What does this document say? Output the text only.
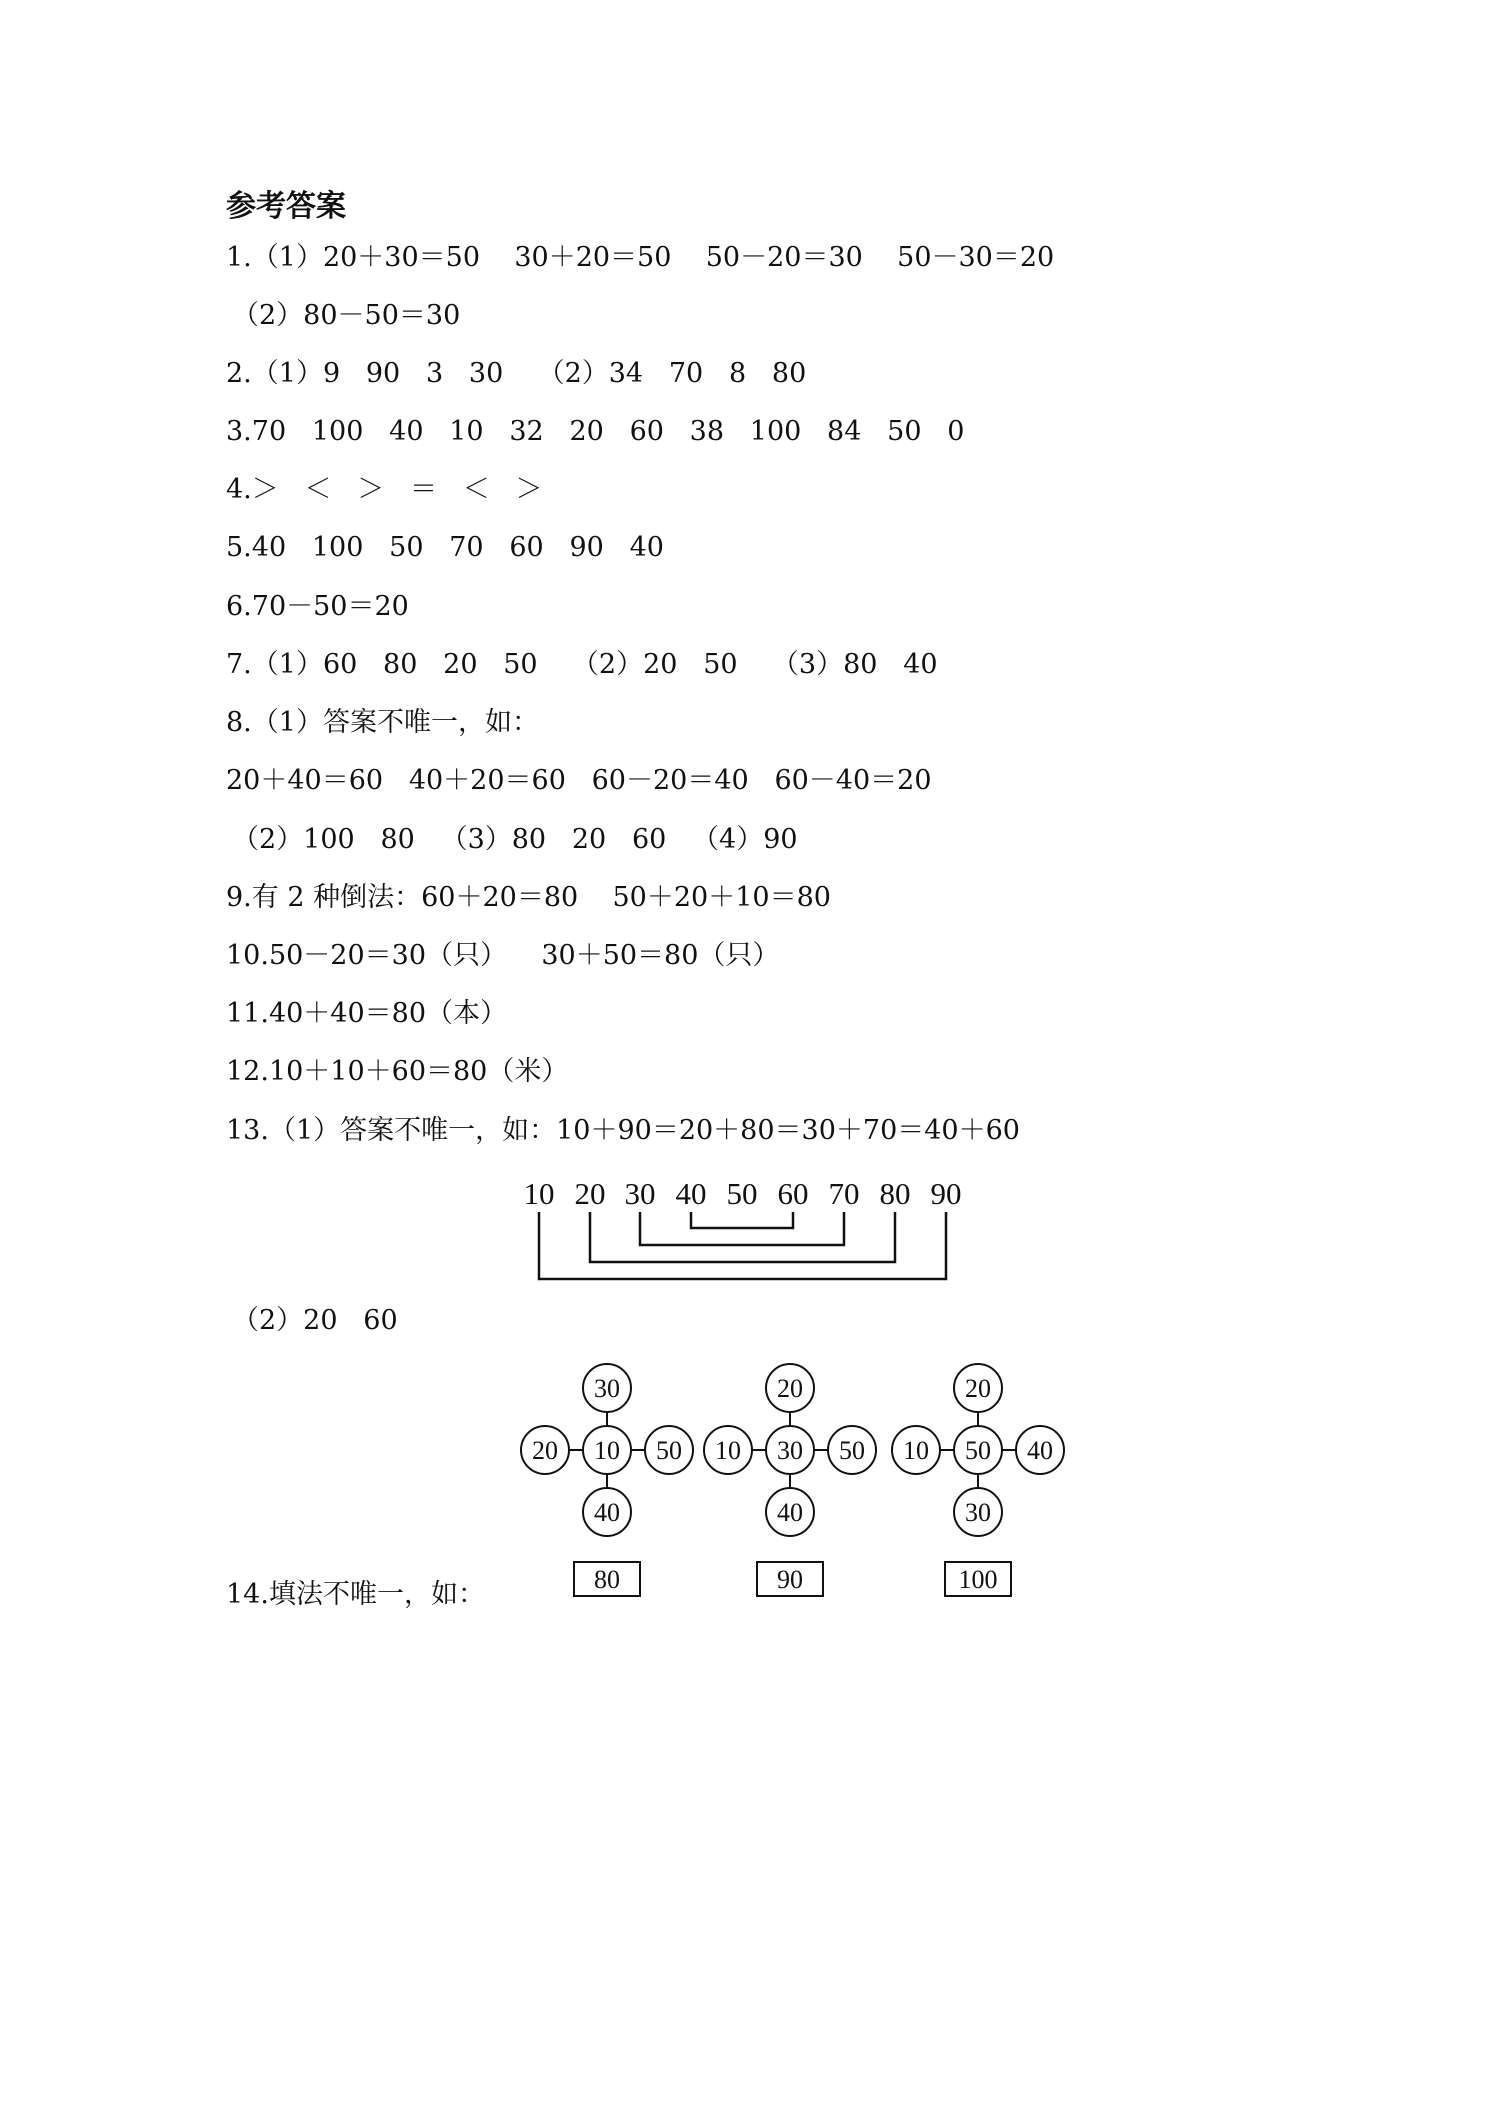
参考答案
1.（1）20＋30＝50    30＋20＝50    50－20＝30    50－30＝20
（2）80－50＝30
2.（1）9   90   3   30    （2）34   70   8   80
3.70   100   40   10   32   20   60   38   100   84   50   0
4.＞   ＜   ＞   ＝   ＜   ＞
5.40   100   50   70   60   90   40
6.70－50＝20
7.（1）60   80   20   50    （2）20   50    （3）80   40
8.（1）答案不唯一，如：
20＋40＝60   40＋20＝60   60－20＝40   60－40＝20
（2）100   80   （3）80   20   60   （4）90
9.有 2 种倒法：60＋20＝80    50＋20＋10＝80
10.50－20＝30（只）    30＋50＝80（只）
11.40＋40＝80（本）
12.10＋10＋60＝80（米）
13.（1）答案不唯一，如：10＋90＝20＋80＝30＋70＝40＋60
（2）20   60
14.填法不唯一，如：
10 20 30 40 50 60 70 80 90
30
20 10 50
40
80
20
10 30 50
40
90
20
10 50 40
30
100
